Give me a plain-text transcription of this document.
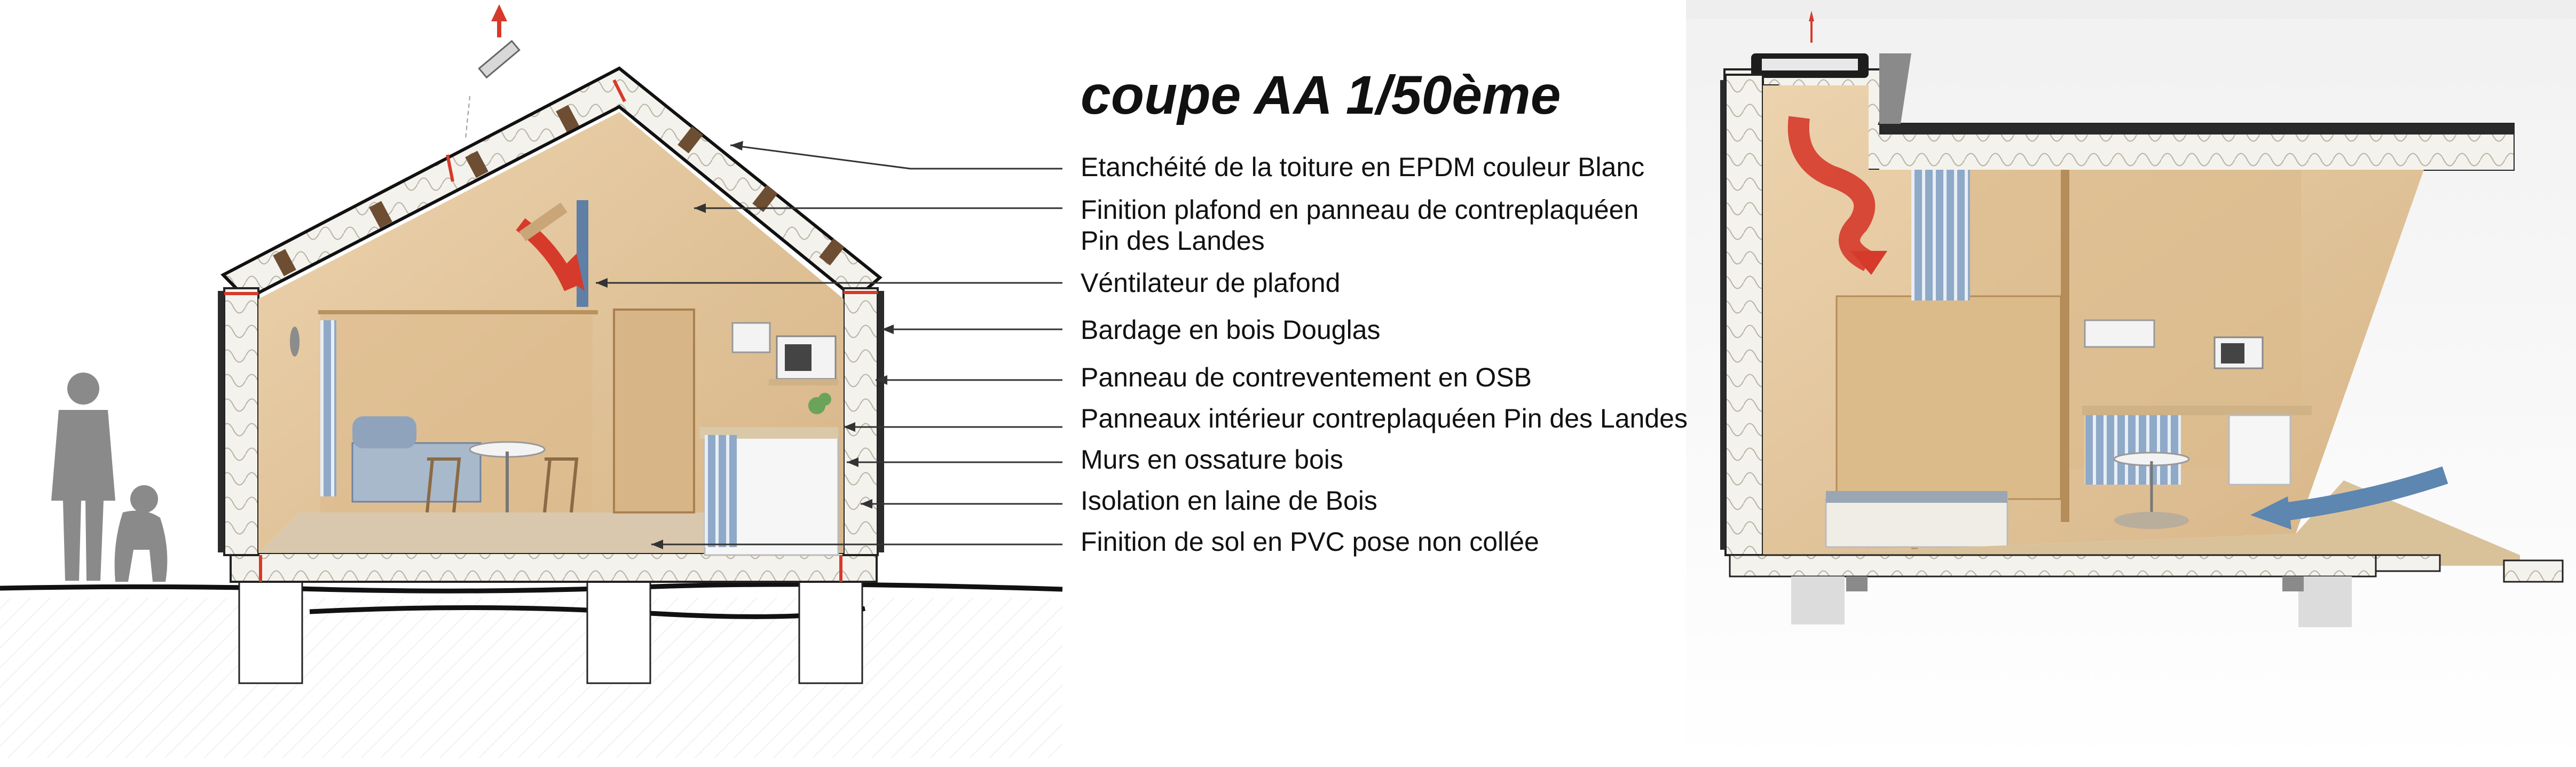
coupe AA 1/50ème
Etanchéité de la toiture en EPDM couleur Blanc
Finition plafond en panneau de contreplaquéen
Pin des Landes
Véntilateur de plafond
Bardage en bois Douglas
Panneau de contreventement en OSB
Panneaux intérieur contreplaquéen Pin des Landes
Murs en ossature bois
Isolation en laine de Bois
Finition de sol en PVC pose non collée
